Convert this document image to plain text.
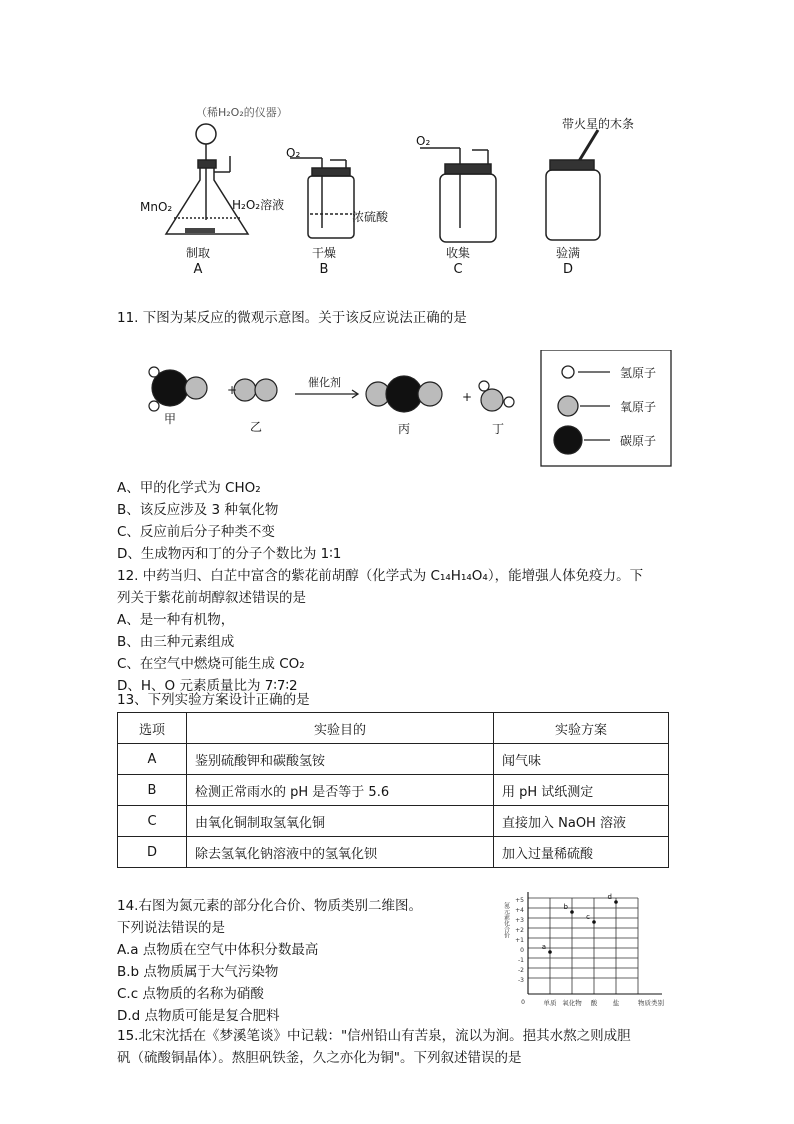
（稀H₂O₂的仪器）
MnO₂	H₂O₂溶液
O₂
浓硫酸
O₂
带火星的木条
制取	干燥	收集	验满
A	B	C	D
11. 下图为某反应的微观示意图。关于该反应说法正确的是
+	+
催化剂
甲
乙	丙	丁
氢原子
氧原子
碳原子
A、甲的化学式为 CHO₂
B、该反应涉及 3 种氧化物
C、反应前后分子种类不变
D、生成物丙和丁的分子个数比为 1∶1
12. 中药当归、白芷中富含的紫花前胡醇（化学式为 C₁₄H₁₄O₄），能增强人体免疫力。下
列关于紫花前胡醇叙述错误的是
A、是一种有机物，
B、由三种元素组成
C、在空气中燃烧可能生成 CO₂
D、H、O 元素质量比为 7∶7∶2
13、下列实验方案设计正确的是
选项	实验目的	实验方案
A	鉴别硫酸钾和碳酸氢铵	闻气味
B	检测正常雨水的 pH 是否等于 5.6	用 pH 试纸测定
C	由氧化铜制取氢氧化铜	直接加入 NaOH 溶液
D	除去氢氧化钠溶液中的氢氧化钡	加入过量稀硫酸
14.右图为氮元素的部分化合价、物质类别二维图。
下列说法错误的是
A.a 点物质在空气中体积分数最高
B.b 点物质属于大气污染物
C.c 点物质的名称为硝酸
D.d 点物质可能是复合肥料
+5
+4
+3
+2
+1
0
-1
-2
-3
氮元素化合价
单质 氧化物 酸 盐	物质类别
0
a
b
c
d
15.北宋沈括在《梦溪笔谈》中记载："信州铅山有苦泉，流以为涧。挹其水熬之则成胆
矾（硫酸铜晶体）。熬胆矾铁釜，久之亦化为铜"。下列叙述错误的是
